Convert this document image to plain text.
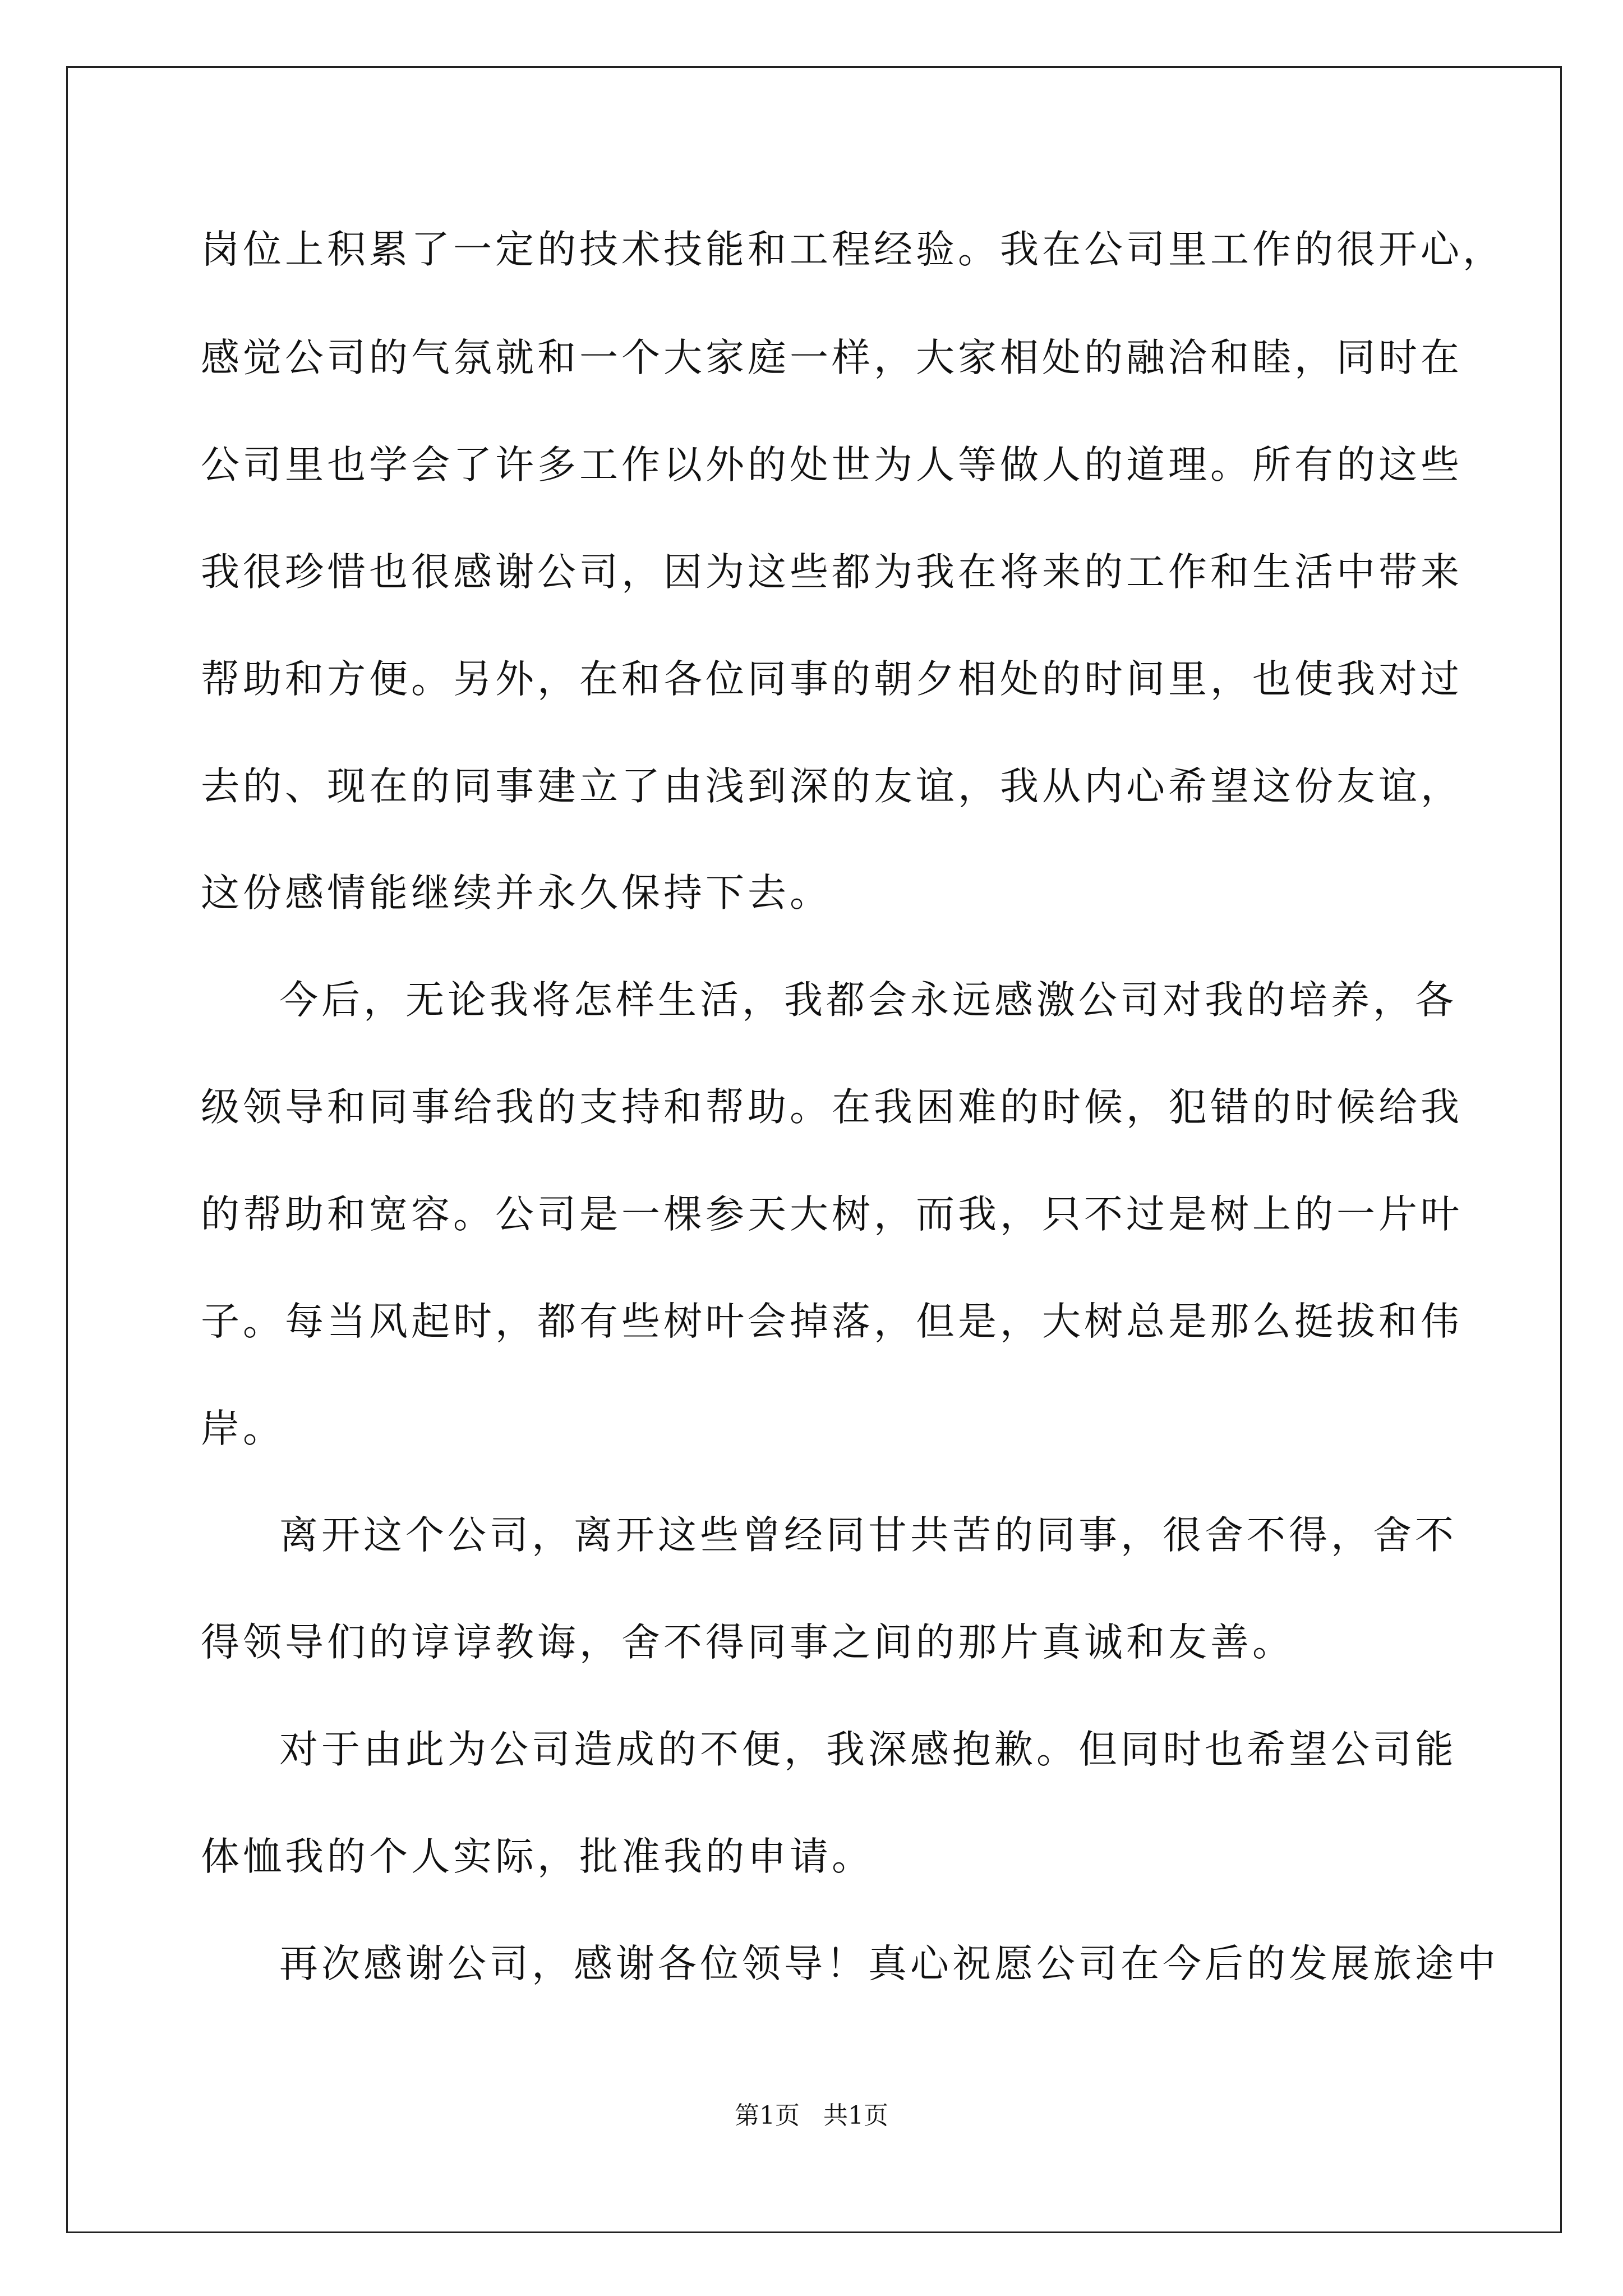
岗位上积累了一定的技术技能和工程经验。我在公司里工作的很开心，
感觉公司的气氛就和一个大家庭一样，大家相处的融洽和睦，同时在
公司里也学会了许多工作以外的处世为人等做人的道理。所有的这些
我很珍惜也很感谢公司，因为这些都为我在将来的工作和生活中带来
帮助和方便。另外，在和各位同事的朝夕相处的时间里，也使我对过
去的、现在的同事建立了由浅到深的友谊，我从内心希望这份友谊，
这份感情能继续并永久保持下去。
今后，无论我将怎样生活，我都会永远感激公司对我的培养，各
级领导和同事给我的支持和帮助。在我困难的时候，犯错的时候给我
的帮助和宽容。公司是一棵参天大树，而我，只不过是树上的一片叶
子。每当风起时，都有些树叶会掉落，但是，大树总是那么挺拔和伟
岸。
离开这个公司，离开这些曾经同甘共苦的同事，很舍不得，舍不
得领导们的谆谆教诲，舍不得同事之间的那片真诚和友善。
对于由此为公司造成的不便，我深感抱歉。但同时也希望公司能
体恤我的个人实际，批准我的申请。
再次感谢公司，感谢各位领导！真心祝愿公司在今后的发展旅途中
第1页   共1页
